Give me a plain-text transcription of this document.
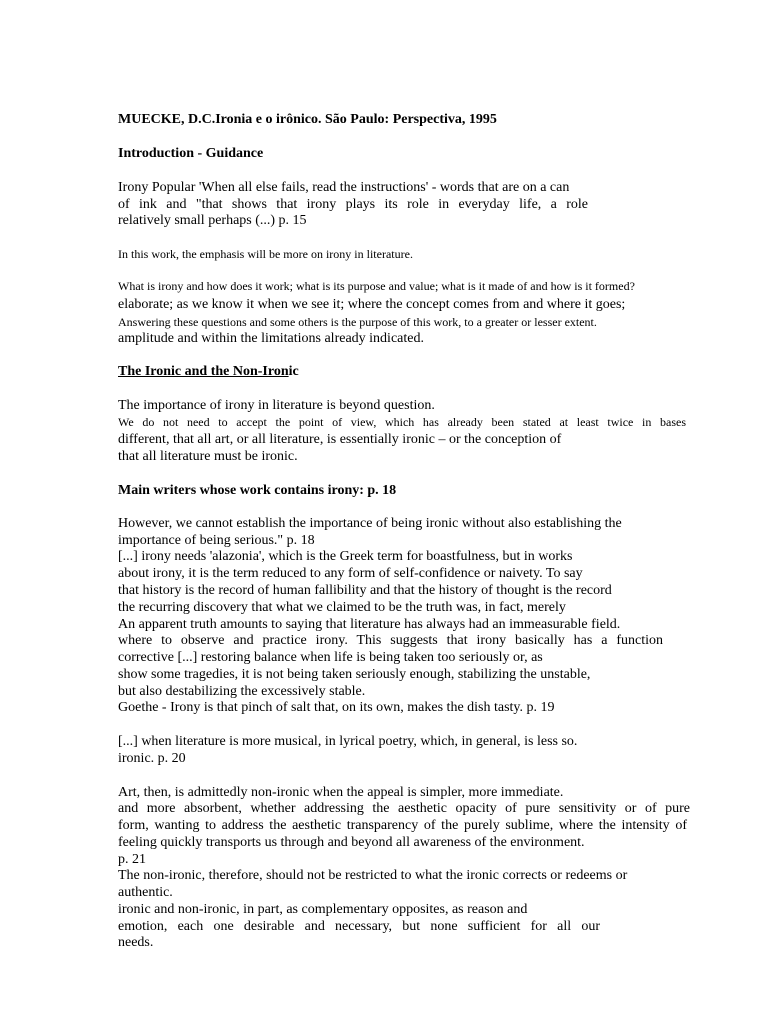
MUECKE, D.C.Ironia e o irônico. São Paulo: Perspectiva, 1995

Introduction - Guidance

Irony Popular 'When all else fails, read the instructions' - words that are on a can

of ink and "that shows that irony plays its role in everyday life, a role

relatively small perhaps (...) p. 15

In this work, the emphasis will be more on irony in literature.

What is irony and how does it work; what is its purpose and value; what is it made of and how is it formed?

elaborate; as we know it when we see it; where the concept comes from and where it goes;

Answering these questions and some others is the purpose of this work, to a greater or lesser extent.

amplitude and within the limitations already indicated.

The Ironic and the Non-Ironic

The importance of irony in literature is beyond question.

We do not need to accept the point of view, which has already been stated at least twice in bases

different, that all art, or all literature, is essentially ironic – or the conception of

that all literature must be ironic.

Main writers whose work contains irony: p. 18

However, we cannot establish the importance of being ironic without also establishing the

importance of being serious." p. 18

[...] irony needs 'alazonia', which is the Greek term for boastfulness, but in works

about irony, it is the term reduced to any form of self-confidence or naivety. To say

that history is the record of human fallibility and that the history of thought is the record

the recurring discovery that what we claimed to be the truth was, in fact, merely

An apparent truth amounts to saying that literature has always had an immeasurable field.

where to observe and practice irony. This suggests that irony basically has a function

corrective [...] restoring balance when life is being taken too seriously or, as

show some tragedies, it is not being taken seriously enough, stabilizing the unstable,

but also destabilizing the excessively stable.

Goethe - Irony is that pinch of salt that, on its own, makes the dish tasty. p. 19

[...] when literature is more musical, in lyrical poetry, which, in general, is less so.

ironic. p. 20

Art, then, is admittedly non-ironic when the appeal is simpler, more immediate.

and more absorbent, whether addressing the aesthetic opacity of pure sensitivity or of pure

form, wanting to address the aesthetic transparency of the purely sublime, where the intensity of

feeling quickly transports us through and beyond all awareness of the environment.

p. 21

The non-ironic, therefore, should not be restricted to what the ironic corrects or redeems or

authentic.

ironic and non-ironic, in part, as complementary opposites, as reason and

emotion, each one desirable and necessary, but none sufficient for all our

needs.
